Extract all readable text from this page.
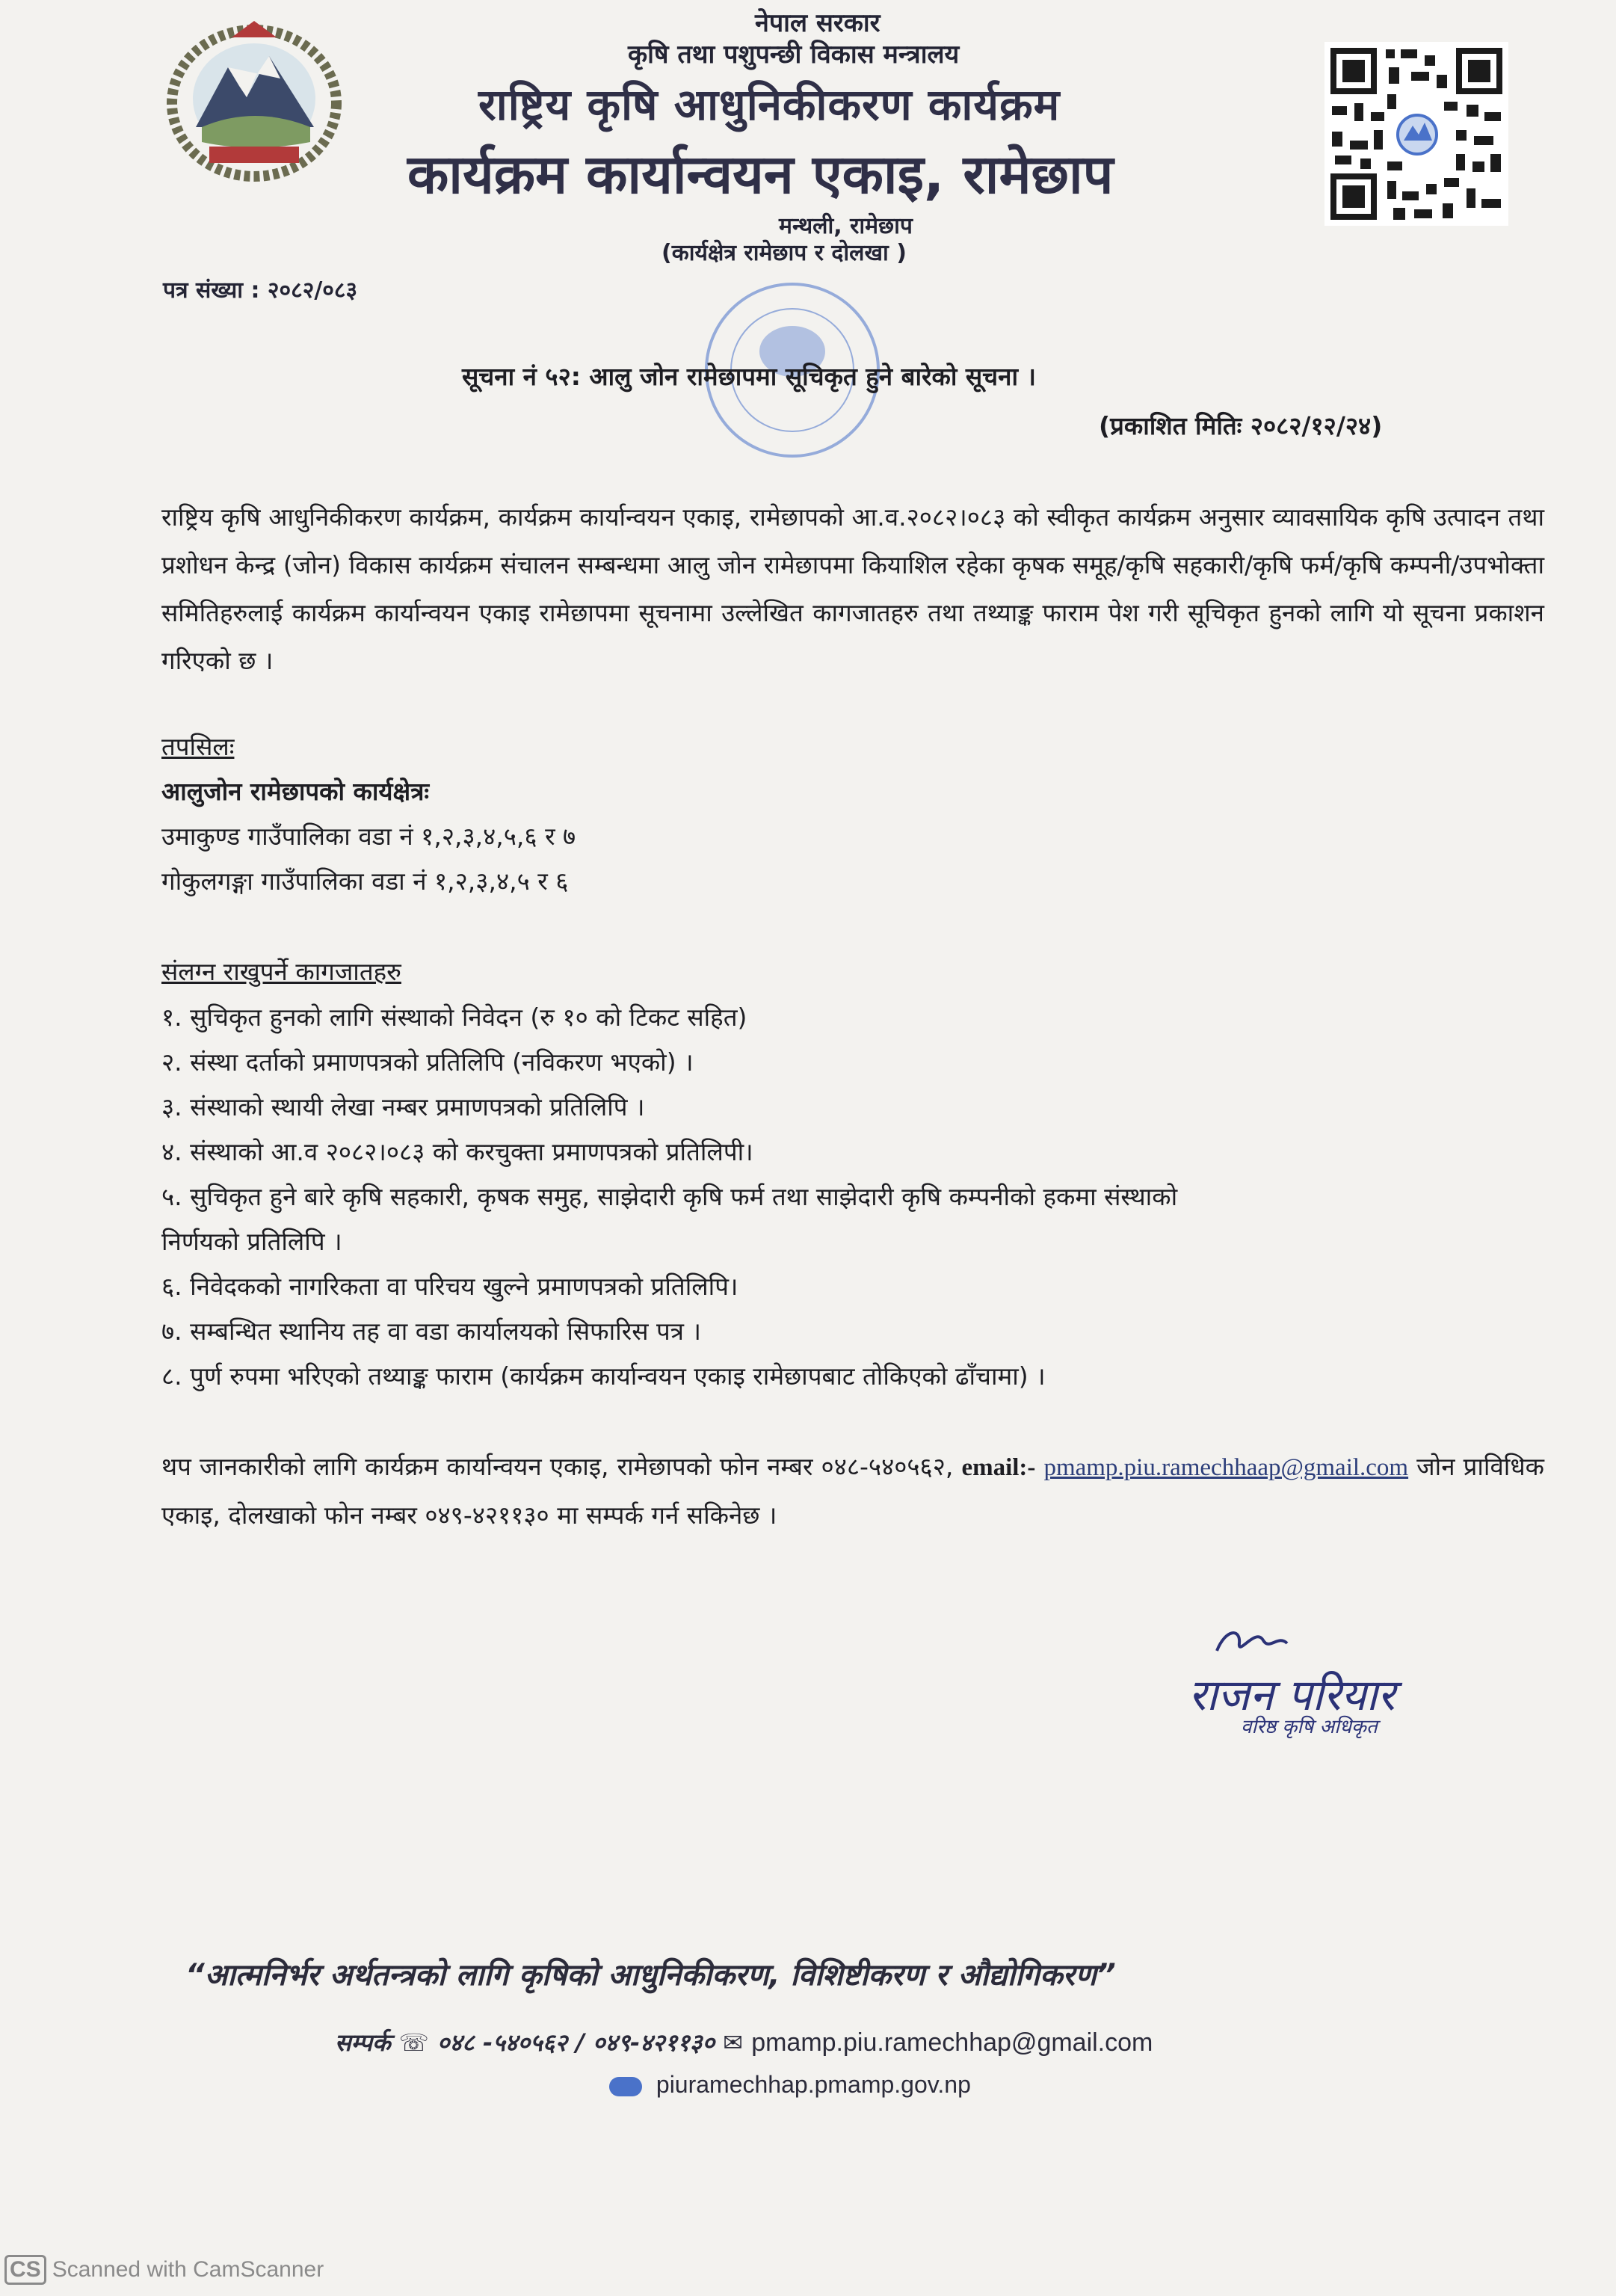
नेपाल सरकार
कृषि तथा पशुपन्छी विकास मन्त्रालय
राष्ट्रिय कृषि आधुनिकीकरण कार्यक्रम
कार्यक्रम कार्यान्वयन एकाइ, रामेछाप
मन्थली, रामेछाप
(कार्यक्षेत्र रामेछाप र दोलखा )
पत्र संख्या : २०८२/०८३
सूचना नं ५२: आलु जोन रामेछापमा सूचिकृत हुने बारेको सूचना ।
(प्रकाशित मितिः २०८२/१२/२४)
राष्ट्रिय कृषि आधुनिकीकरण कार्यक्रम, कार्यक्रम कार्यान्वयन एकाइ, रामेछापको आ.व.२०८२।०८३ को स्वीकृत कार्यक्रम अनुसार व्यावसायिक कृषि उत्पादन तथा प्रशोधन केन्द्र (जोन) विकास कार्यक्रम संचालन सम्बन्धमा आलु जोन रामेछापमा कियाशिल रहेका कृषक समूह/कृषि सहकारी/कृषि फर्म/कृषि कम्पनी/उपभोक्ता समितिहरुलाई कार्यक्रम कार्यान्वयन एकाइ रामेछापमा सूचनामा उल्लेखित कागजातहरु तथा तथ्याङ्क फाराम पेश गरी सूचिकृत हुनको लागि यो सूचना प्रकाशन गरिएको छ ।
तपसिलः
आलुजोन रामेछापको कार्यक्षेत्रः
उमाकुण्ड गाउँपालिका वडा नं १,२,३,४,५,६ र ७
गोकुलगङ्गा गाउँपालिका वडा नं १,२,३,४,५ र ६
संलग्न राखुपर्ने कागजातहरु
१. सुचिकृत हुनको लागि संस्थाको निवेदन (रु १० को टिकट सहित)
२. संस्था दर्ताको प्रमाणपत्रको प्रतिलिपि (नविकरण भएको) ।
३. संस्थाको स्थायी लेखा नम्बर प्रमाणपत्रको प्रतिलिपि ।
४. संस्थाको आ.व २०८२।०८३ को करचुक्ता प्रमाणपत्रको प्रतिलिपी।
५. सुचिकृत हुने बारे कृषि सहकारी, कृषक समुह, साझेदारी कृषि फर्म तथा साझेदारी कृषि कम्पनीको हकमा संस्थाको
निर्णयको प्रतिलिपि ।
६. निवेदकको नागरिकता वा परिचय खुल्ने प्रमाणपत्रको प्रतिलिपि।
७. सम्बन्धित स्थानिय तह वा वडा कार्यालयको सिफारिस पत्र ।
८. पुर्ण रुपमा भरिएको तथ्याङ्क फाराम (कार्यक्रम कार्यान्वयन एकाइ रामेछापबाट तोकिएको ढाँचामा) ।
थप जानकारीको लागि कार्यक्रम कार्यान्वयन एकाइ, रामेछापको फोन नम्बर ०४८-५४०५६२, email:- pmamp.piu.ramechhaap@gmail.com जोन प्राविधिक एकाइ, दोलखाको फोन नम्बर ०४९-४२११३० मा सम्पर्क गर्न सकिनेछ ।
राजन परियार
वरिष्ठ कृषि अधिकृत
“आत्मनिर्भर अर्थतन्त्रको लागि कृषिको आधुनिकीकरण, विशिष्टीकरण र औद्योगिकरण”
सम्पर्क ☏ ०४८ -५४०५६२ / ०४९-४२११३० ✉ pmamp.piu.ramechhap@gmail.com
piuramechhap.pmamp.gov.np
CS Scanned with CamScanner
